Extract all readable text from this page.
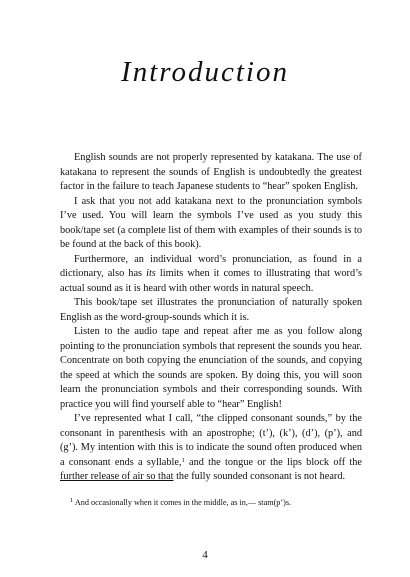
Introduction

English sounds are not properly represented by katakana. The use of katakana to represent the sounds of English is undoubtedly the greatest factor in the failure to teach Japanese students to “hear” spoken English.

I ask that you not add katakana next to the pronunciation symbols I’ve used. You will learn the symbols I’ve used as you study this book/tape set (a complete list of them with examples of their sounds is to be found at the back of this book).

Furthermore, an individual word’s pronunciation, as found in a dictionary, also has its limits when it comes to illustrating that word’s actual sound as it is heard with other words in natural speech.

This book/tape set illustrates the pronunciation of naturally spoken English as the word-group-sounds which it is.

Listen to the audio tape and repeat after me as you follow along pointing to the pronunciation symbols that represent the sounds you hear. Concentrate on both copying the enunciation of the sounds, and copying the speed at which the sounds are spoken. By doing this, you will soon learn the pronunciation symbols and their corresponding sounds. With practice you will find yourself able to “hear” English!

I’ve represented what I call, “the clipped consonant sounds,” by the consonant in parenthesis with an apostrophe; (t’), (k’), (d’), (p’), and (g’). My intention with this is to indicate the sound often produced when a consonant ends a syllable,$^1$ and the tongue or the lips block off the further release of air so that the fully sounded consonant is not heard.

$^1$ And occasionally when it comes in the middle, as in,— stam(p’)s.
4
